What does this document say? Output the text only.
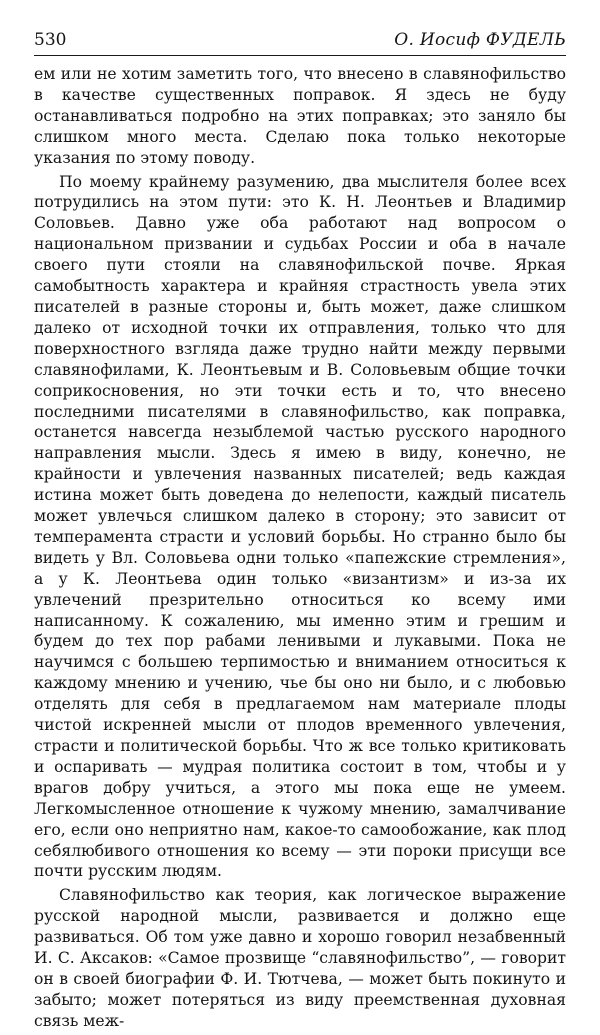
530	О. Иосиф ФУДЕЛЬ

ем или не хотим заметить того, что внесено в славянофильство в качестве существенных поправок. Я здесь не буду останавливаться подробно на этих поправках; это заняло бы слишком много места. Сделаю пока только некоторые указания по этому поводу.

По моему крайнему разумению, два мыслителя более всех потрудились на этом пути: это К. Н. Леонтьев и Владимир Соловьев. Давно уже оба работают над вопросом о национальном призвании и судьбах России и оба в начале своего пути стояли на славянофильской почве. Яркая самобытность характера и крайняя страстность увела этих писателей в разные стороны и, быть может, даже слишком далеко от исходной точки их отправления, только что для поверхностного взгляда даже трудно найти между первыми славянофилами, К. Леонтьевым и В. Соловьевым общие точки соприкосновения, но эти точки есть и то, что внесено последними писателями в славянофильство, как поправка, останется навсегда незыблемой частью русского народного направления мысли. Здесь я имею в виду, конечно, не крайности и увлечения названных писателей; ведь каждая истина может быть доведена до нелепости, каждый писатель может увлечься слишком далеко в сторону; это зависит от темперамента страсти и условий борьбы. Но странно было бы видеть у Вл. Соловьева одни только «папежские стремления», а у К. Леонтьева один только «византизм» и из-за их увлечений презрительно относиться ко всему ими написанному. К сожалению, мы именно этим и грешим и будем до тех пор рабами ленивыми и лукавыми. Пока не научимся с большею терпимостью и вниманием относиться к каждому мнению и учению, чье бы оно ни было, и с любовью отделять для себя в предлагаемом нам материале плоды чистой искренней мысли от плодов временного увлечения, страсти и политической борьбы. Что ж все только критиковать и оспаривать — мудрая политика состоит в том, чтобы и у врагов добру учиться, а этого мы пока еще не умеем. Легкомысленное отношение к чужому мнению, замалчивание его, если оно неприятно нам, какое-то самообожание, как плод себялюбивого отношения ко всему — эти пороки присущи все почти русским людям.

Славянофильство как теория, как логическое выражение русской народной мысли, развивается и должно еще развиваться. Об том уже давно и хорошо говорил незабвенный И. С. Аксаков: «Самое прозвище “славянофильство”, — говорит он в своей биографии Ф. И. Тютчева, — может быть покинуто и забыто; может потеряться из виду преемственная духовная связь меж-
